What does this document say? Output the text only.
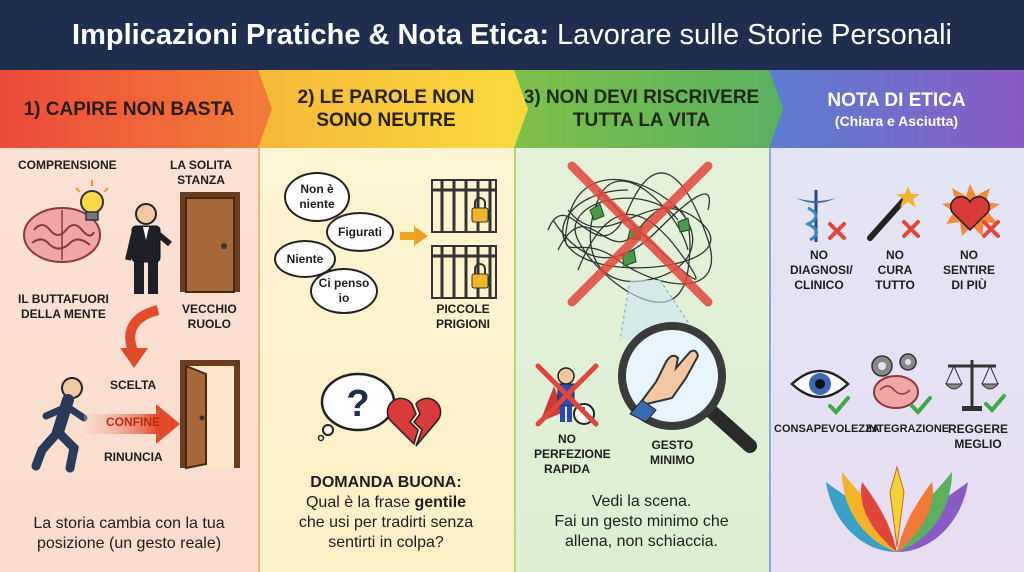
Implicazioni Pratiche & Nota Etica: Lavorare sulle Storie Personali
1) CAPIRE NON BASTA
2) LE PAROLE NON
SONO NEUTRE
3) NON DEVI RISCRIVERE
TUTTA LA VITA
NOTA DI ETICA
(Chiara e Asciutta)
COMPRENSIONE	LA SOLITA
STANZA
IL BUTTAFUORI
DELLA MENTE	VECCHIO
RUOLO
SCELTA
CONFINE
RINUNCIA
La storia cambia con la tua
posizione (un gesto reale)
Non è
niente
Figurati
Niente
Ci penso
io
PICCOLE
PRIGIONI
?
DOMANDA BUONA:
Qual è la frase gentile
che usi per tradirti senza
sentirti in colpa?
NO
PERFEZIONE
RAPIDA
GESTO
MINIMO
Vedi la scena.
Fai un gesto minimo che
allena, non schiaccia.
NO
DIAGNOSI/
CLINICO
NO
CURA
TUTTO
NO
SENTIRE
DI PIÙ
CONSAPEVOLEZZA
INTEGRAZIONE
REGGERE
MEGLIO
